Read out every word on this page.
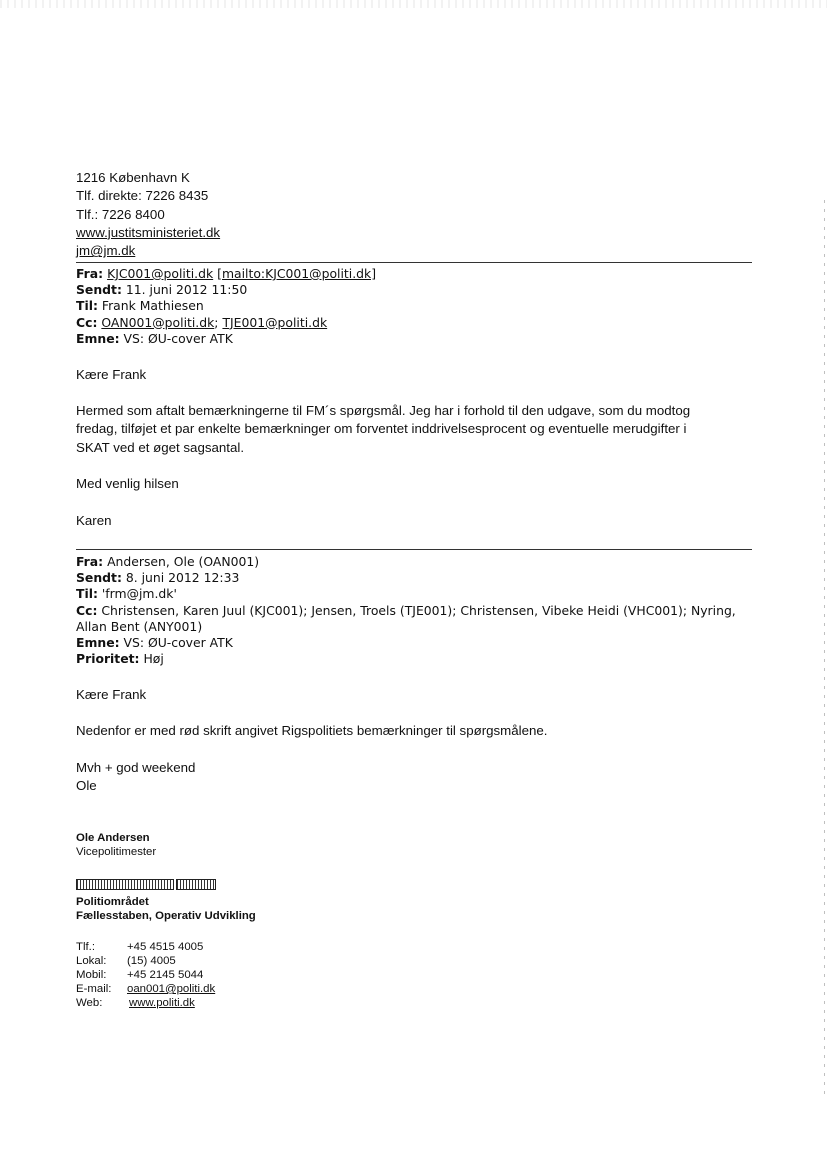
1216 København K
Tlf. direkte: 7226 8435
Tlf.: 7226 8400
www.justitsministeriet.dk
jm@jm.dk
Fra: KJC001@politi.dk [mailto:KJC001@politi.dk]
Sendt: 11. juni 2012 11:50
Til: Frank Mathiesen
Cc: OAN001@politi.dk; TJE001@politi.dk
Emne: VS: ØU-cover ATK
Kære Frank
Hermed som aftalt bemærkningerne til FM´s spørgsmål. Jeg har i forhold til den udgave, som du modtog
fredag, tilføjet et par enkelte bemærkninger om forventet inddrivelsesprocent og eventuelle merudgifter i
SKAT ved et øget sagsantal.
Med venlig hilsen
Karen
Fra: Andersen, Ole (OAN001)
Sendt: 8. juni 2012 12:33
Til: 'frm@jm.dk'
Cc: Christensen, Karen Juul (KJC001); Jensen, Troels (TJE001); Christensen, Vibeke Heidi (VHC001); Nyring,
Allan Bent (ANY001)
Emne: VS: ØU-cover ATK
Prioritet: Høj
Kære Frank
Nedenfor er med rød skrift angivet Rigspolitiets bemærkninger til spørgsmålene.
Mvh + god weekend
Ole
Ole Andersen
Vicepolitimester
Politiområdet
Fællesstaben, Operativ Udvikling
Tlf.:	+45 4515 4005
Lokal: (15) 4005
Mobil: +45 2145 5044
E-mail: oan001@politi.dk
Web: www.politi.dk
